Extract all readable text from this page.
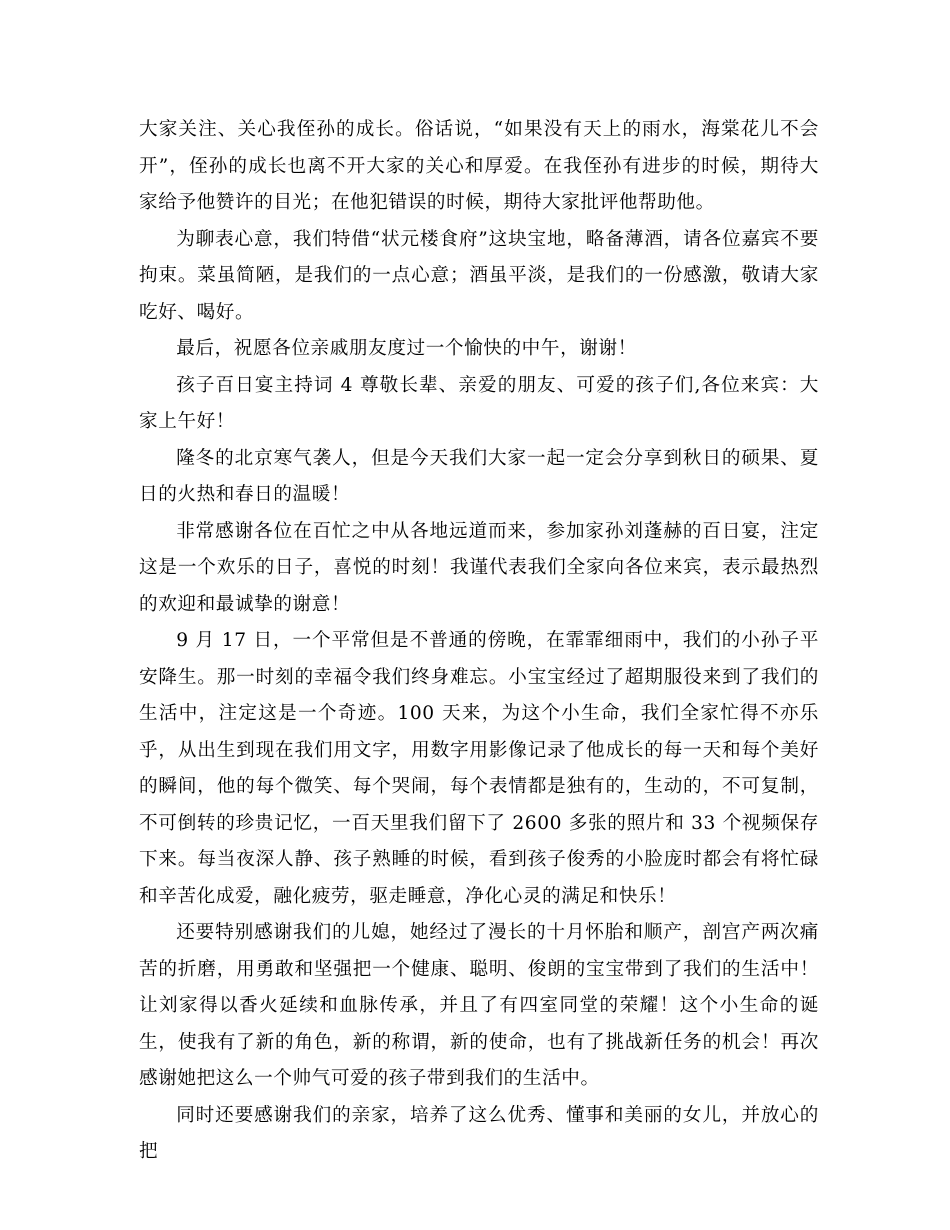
大家关注、关心我侄孙的成长。俗话说，“如果没有天上的雨水，海棠花儿不会开”，侄孙的成长也离不开大家的关心和厚爱。在我侄孙有进步的时候，期待大家给予他赞许的目光；在他犯错误的时候，期待大家批评他帮助他。

为聊表心意，我们特借“状元楼食府”这块宝地，略备薄酒，请各位嘉宾不要拘束。菜虽简陋，是我们的一点心意；酒虽平淡，是我们的一份感激，敬请大家吃好、喝好。

最后，祝愿各位亲戚朋友度过一个愉快的中午，谢谢！

孩子百日宴主持词 4 尊敬长辈、亲爱的朋友、可爱的孩子们,各位来宾：大家上午好！

隆冬的北京寒气袭人，但是今天我们大家一起一定会分享到秋日的硕果、夏日的火热和春日的温暖！

非常感谢各位在百忙之中从各地远道而来，参加家孙刘蓬赫的百日宴，注定这是一个欢乐的日子，喜悦的时刻！我谨代表我们全家向各位来宾，表示最热烈的欢迎和最诚挚的谢意！

9 月 17 日，一个平常但是不普通的傍晚，在霏霏细雨中，我们的小孙子平安降生。那一时刻的幸福令我们终身难忘。小宝宝经过了超期服役来到了我们的生活中，注定这是一个奇迹。100 天来，为这个小生命，我们全家忙得不亦乐乎，从出生到现在我们用文字，用数字用影像记录了他成长的每一天和每个美好的瞬间，他的每个微笑、每个哭闹，每个表情都是独有的，生动的，不可复制，不可倒转的珍贵记忆，一百天里我们留下了 2600 多张的照片和 33 个视频保存下来。每当夜深人静、孩子熟睡的时候，看到孩子俊秀的小脸庞时都会有将忙碌和辛苦化成爱，融化疲劳，驱走睡意，净化心灵的满足和快乐！

还要特别感谢我们的儿媳，她经过了漫长的十月怀胎和顺产，剖宫产两次痛苦的折磨，用勇敢和坚强把一个健康、聪明、俊朗的宝宝带到了我们的生活中！让刘家得以香火延续和血脉传承，并且了有四室同堂的荣耀！这个小生命的诞生，使我有了新的角色，新的称谓，新的使命，也有了挑战新任务的机会！再次感谢她把这么一个帅气可爱的孩子带到我们的生活中。

同时还要感谢我们的亲家，培养了这么优秀、懂事和美丽的女儿，并放心的把
